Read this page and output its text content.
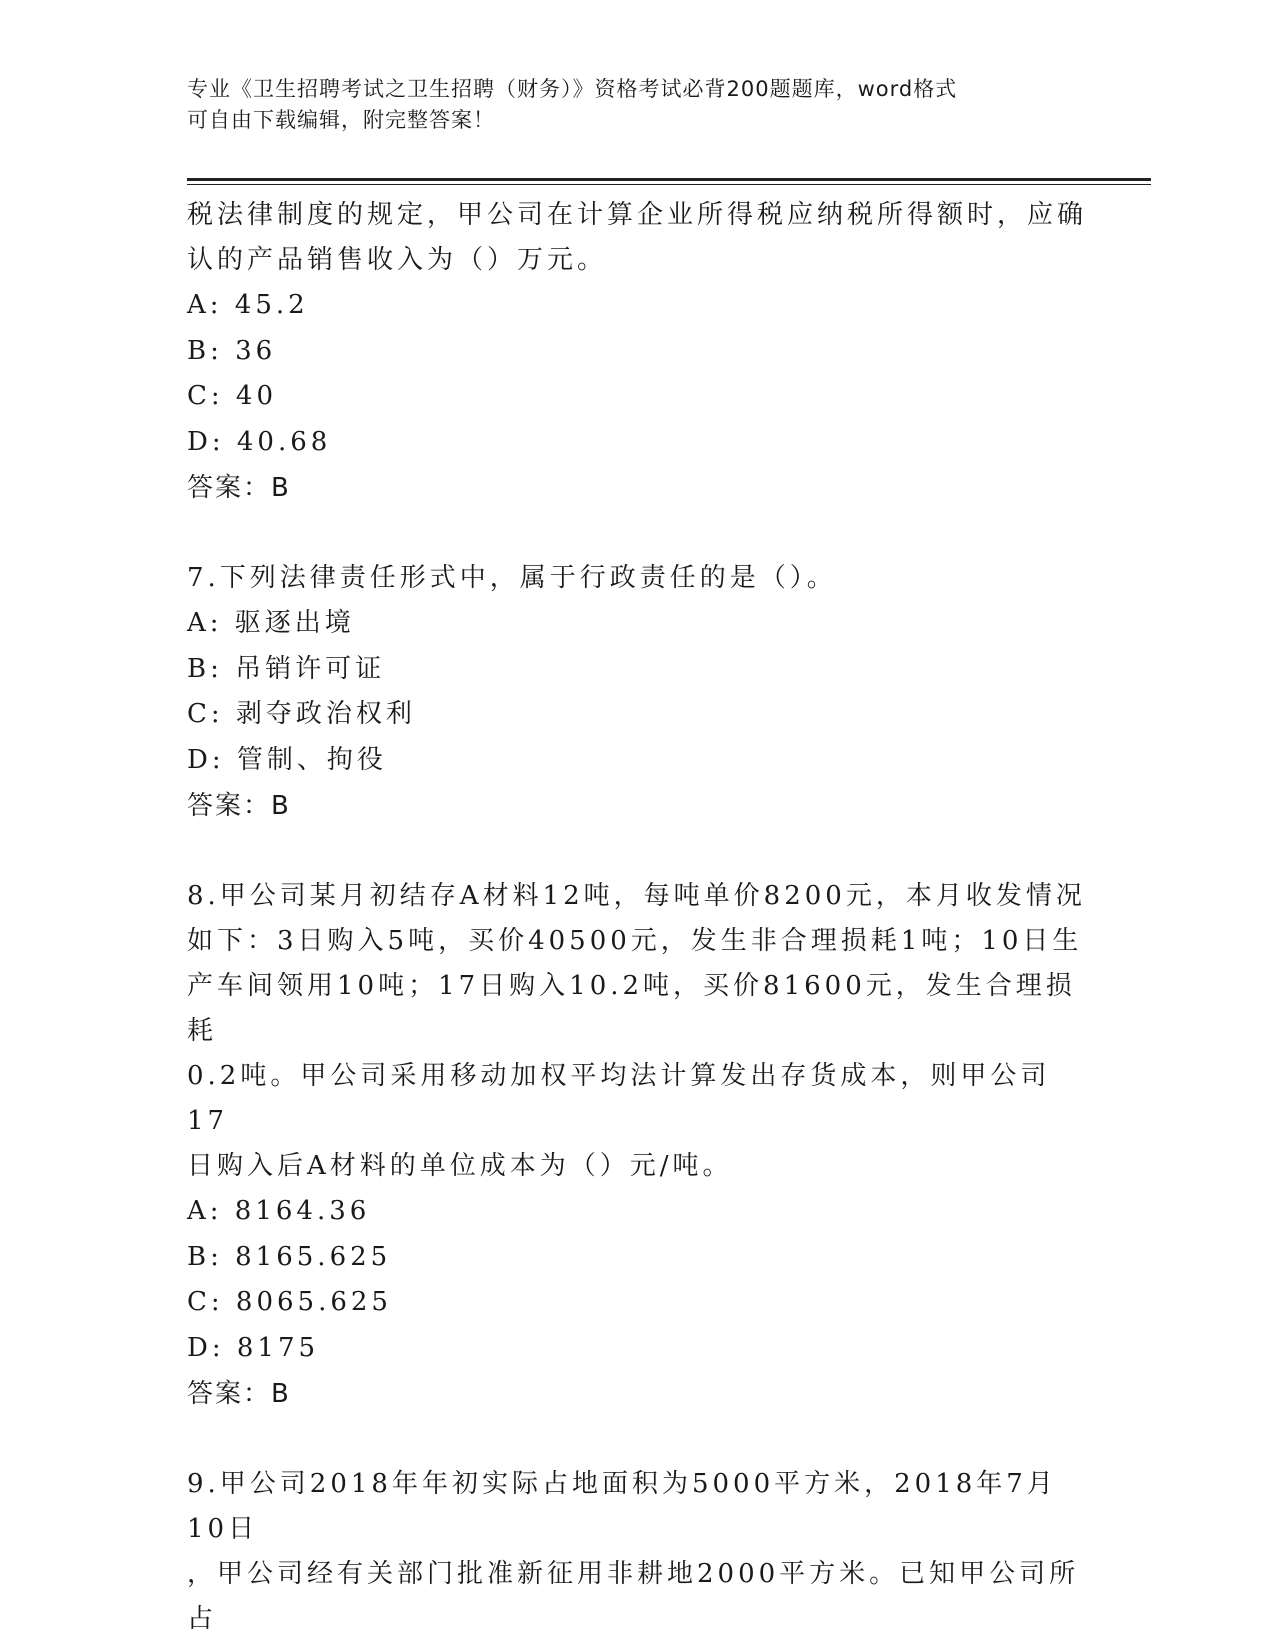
专业《卫生招聘考试之卫生招聘（财务）》资格考试必背200题题库，word格式
可自由下载编辑，附完整答案！
税法律制度的规定，甲公司在计算企业所得税应纳税所得额时，应确
认的产品销售收入为（）万元。
A: 45.2
B: 36
C: 40
D: 40.68
答案：B
7.下列法律责任形式中，属于行政责任的是（）。
A: 驱逐出境
B: 吊销许可证
C: 剥夺政治权利
D: 管制、拘役
答案：B
8.甲公司某月初结存A材料12吨，每吨单价8200元，本月收发情况
如下：3日购入5吨，买价40500元，发生非合理损耗1吨；10日生
产车间领用10吨；17日购入10.2吨，买价81600元，发生合理损耗
0.2吨。甲公司采用移动加权平均法计算发出存货成本，则甲公司17
日购入后A材料的单位成本为（）元/吨。
A: 8164.36
B: 8165.625
C: 8065.625
D: 8175
答案：B
9.甲公司2018年年初实际占地面积为5000平方米，2018年7月10日
，甲公司经有关部门批准新征用非耕地2000平方米。已知甲公司所占
